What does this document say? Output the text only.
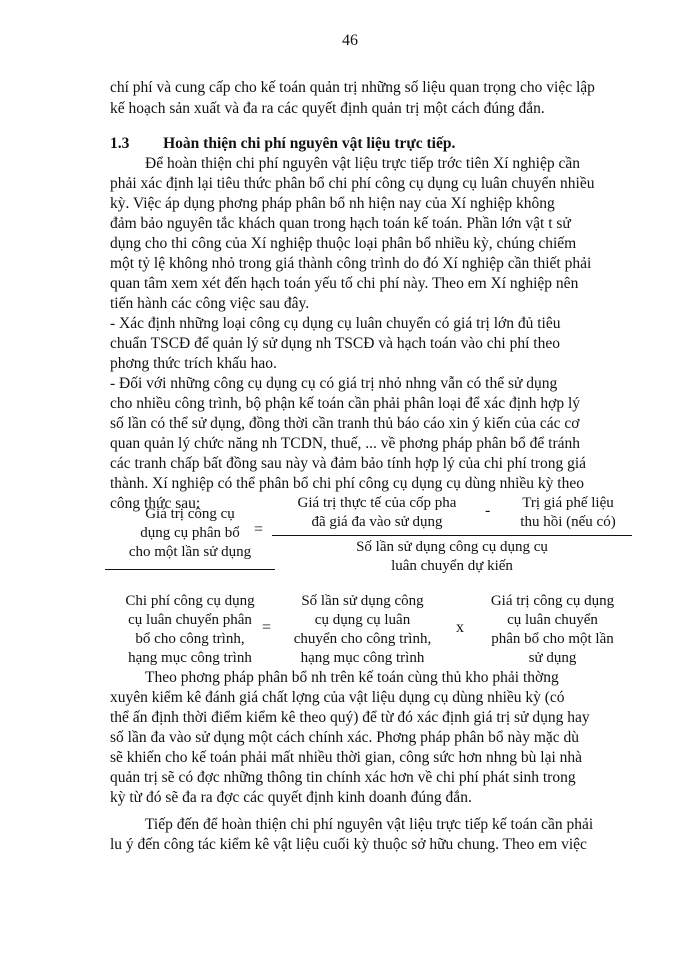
46
chí phí và cung cấp cho kế toán quản trị những số liệu quan trọng cho việc lập
kế hoạch sản xuất và đa ra các quyết định quản trị một cách đúng đắn.
1.3 Hoàn thiện chi phí nguyên vật liệu trực tiếp.
Để hoàn thiện chi phí nguyên vật liệu trực tiếp trớc tiên Xí nghiệp cần
phải xác định lại tiêu thức phân bổ chi phí công cụ dụng cụ luân chuyển nhiều
kỳ. Việc áp dụng phơng pháp phân bổ nh hiện nay của Xí nghiệp không
đảm bảo nguyên tắc khách quan trong hạch toán kế toán. Phần lớn vật t sử
dụng cho thi công của Xí nghiệp thuộc loại phân bổ nhiều kỳ, chúng chiếm
một tỷ lệ không nhỏ trong giá thành công trình do đó Xí nghiệp cần thiết phải
quan tâm xem xét đến hạch toán yếu tố chi phí này. Theo em Xí nghiệp nên
tiến hành các công việc sau đây.
- Xác định những loại công cụ dụng cụ luân chuyển có giá trị lớn đủ tiêu
chuẩn TSCĐ để quản lý sử dụng nh TSCĐ và hạch toán vào chi phí theo
phơng thức trích khấu hao.
- Đối với những công cụ dụng cụ có giá trị nhỏ nhng vẫn có thể sử dụng
cho nhiều công trình, bộ phận kế toán cần phải phân loại để xác định hợp lý
số lần có thể sử dụng, đồng thời cần tranh thủ báo cáo xin ý kiến của các cơ
quan quản lý chức năng nh TCDN, thuế, ... về phơng pháp phân bổ để tránh
các tranh chấp bất đồng sau này và đảm bảo tính hợp lý của chi phí trong giá
thành. Xí nghiệp có thể phân bổ chi phí công cụ dụng cụ dùng nhiều kỳ theo
công thức sau:
Giá trị công cụ
dụng cụ phân bổ
cho một lần sử dụng
=
Giá trị thực tế của cốp pha
đã giá đa vào sử dụng
-	Trị giá phế liệu
thu hồi (nếu có)
Số lần sử dụng công cụ dụng cụ
luân chuyển dự kiến
Chi phí công cụ dụng
cụ luân chuyển phân
bổ cho công trình,
hạng mục công trình
=
Số lần sử dụng công
cụ dụng cụ luân
chuyển cho công trình,
hạng mục công trình
x
Giá trị công cụ dụng
cụ luân chuyển
phân bổ cho một lần
sử dụng
Theo phơng pháp phân bổ nh trên kế toán cùng thủ kho phải thờng
xuyên kiểm kê đánh giá chất lợng của vật liệu dụng cụ dùng nhiều kỳ (có
thể ấn định thời điểm kiểm kê theo quý) để từ đó xác định giá trị sử dụng hay
số lần đa vào sử dụng một cách chính xác. Phơng pháp phân bổ này mặc dù
sẽ khiến cho kế toán phải mất nhiều thời gian, công sức hơn nhng bù lại nhà
quản trị sẽ có đợc những thông tin chính xác hơn về chi phí phát sinh trong
kỳ từ đó sẽ đa ra đợc các quyết định kinh doanh đúng đắn.
Tiếp đến để hoàn thiện chi phí nguyên vật liệu trực tiếp kế toán cần phải
lu ý đến công tác kiểm kê vật liệu cuối kỳ thuộc sở hữu chung. Theo em việc
